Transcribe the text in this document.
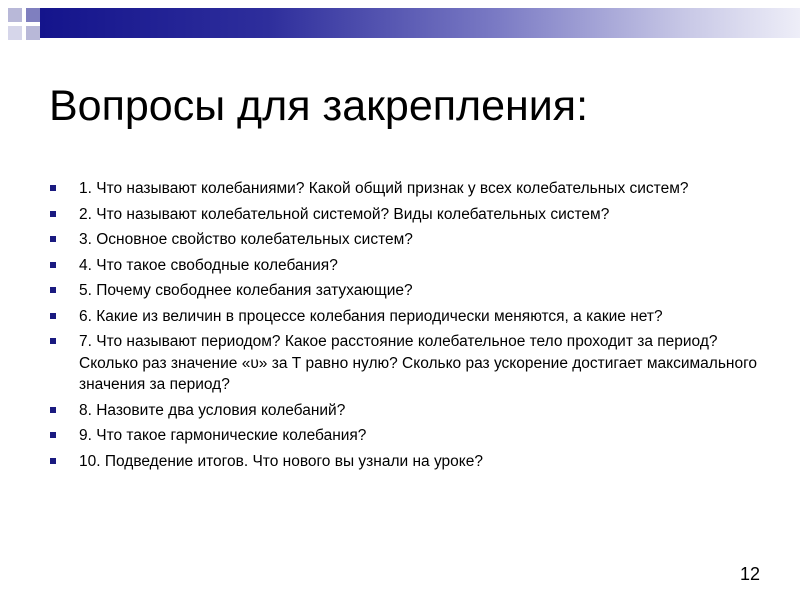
Вопросы для закрепления:
1. Что называют колебаниями? Какой общий признак у всех колебательных систем?
2. Что называют колебательной системой? Виды колебательных систем?
3. Основное свойство колебательных систем?
4. Что такое свободные колебания?
5. Почему свободнее колебания затухающие?
6. Какие из величин в процессе колебания периодически меняются, а какие нет?
7. Что называют периодом? Какое расстояние колебательное тело проходит за период? Сколько раз значение «υ» за Т равно нулю? Сколько раз ускорение достигает максимального значения за период?
8. Назовите два условия колебаний?
9. Что такое гармонические колебания?
10. Подведение итогов. Что нового вы узнали на уроке?
12
